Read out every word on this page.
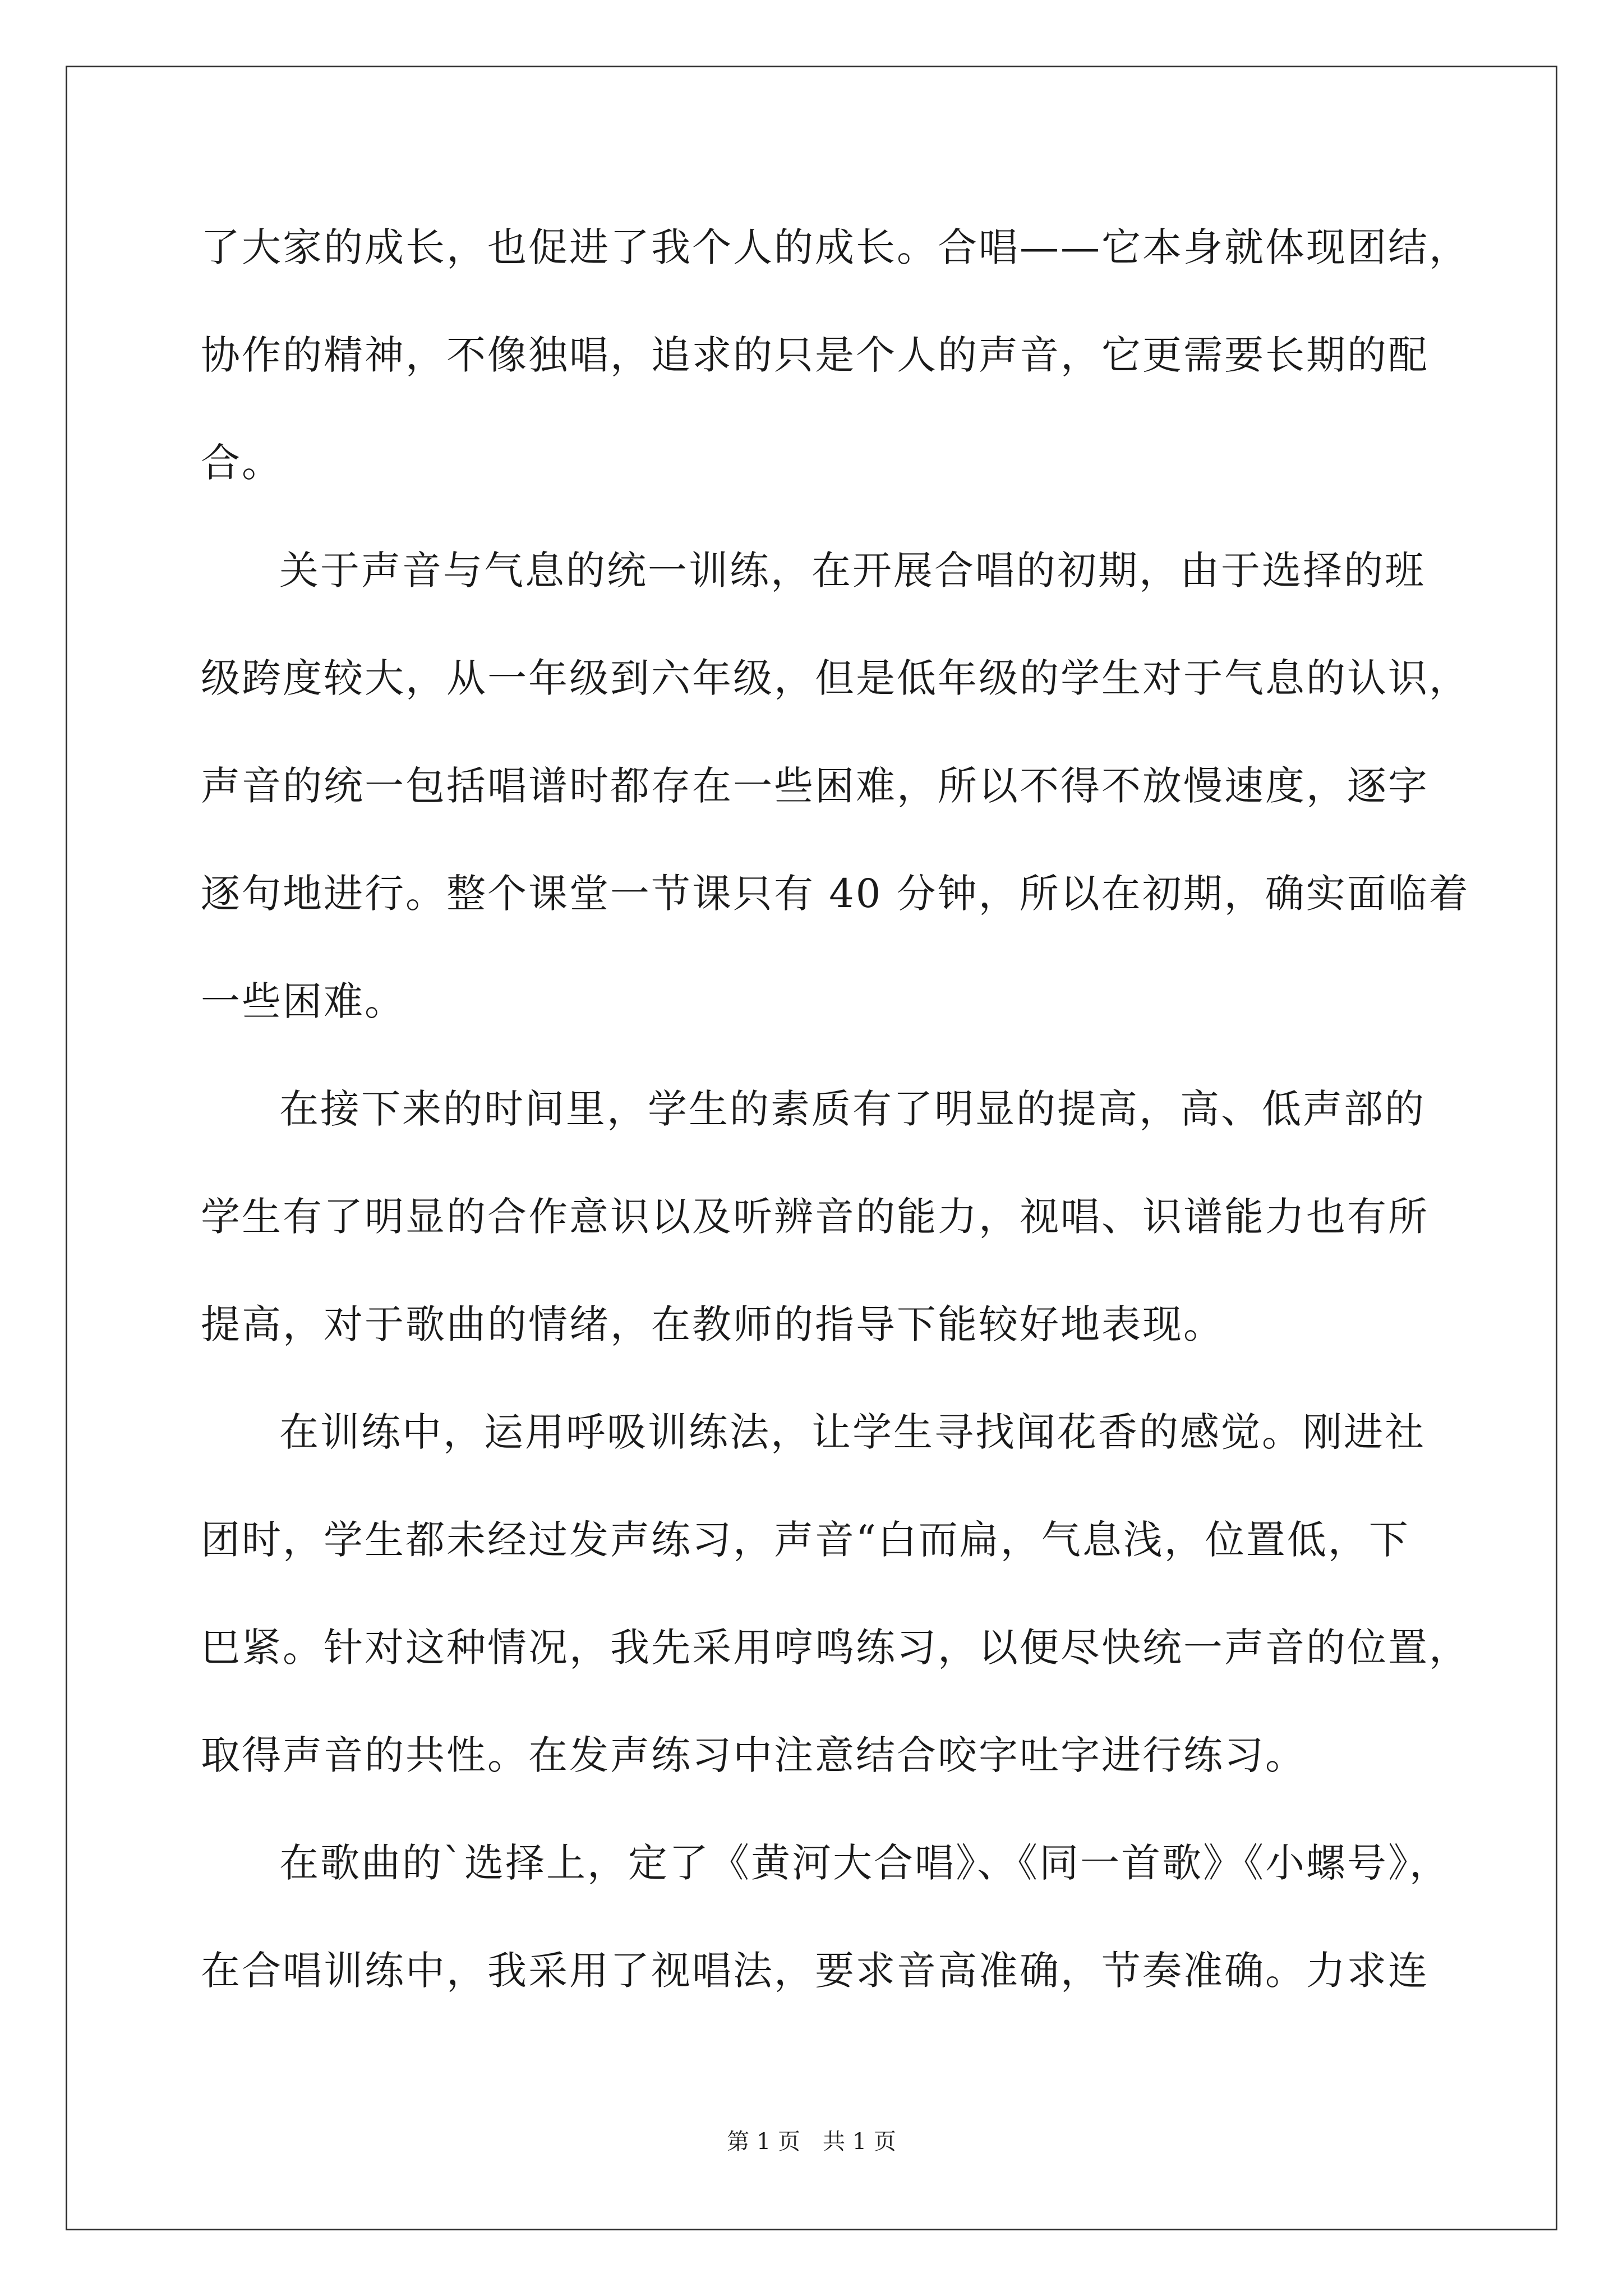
了大家的成长，也促进了我个人的成长。合唱——它本身就体现团结，
协作的精神，不像独唱，追求的只是个人的声音，它更需要长期的配
合。
关于声音与气息的统一训练，在开展合唱的初期，由于选择的班
级跨度较大，从一年级到六年级，但是低年级的学生对于气息的认识，
声音的统一包括唱谱时都存在一些困难，所以不得不放慢速度，逐字
逐句地进行。整个课堂一节课只有 40 分钟，所以在初期，确实面临着
一些困难。
在接下来的时间里，学生的素质有了明显的提高，高、低声部的
学生有了明显的合作意识以及听辨音的能力，视唱、识谱能力也有所
提高，对于歌曲的情绪，在教师的指导下能较好地表现。
在训练中，运用呼吸训练法，让学生寻找闻花香的感觉。刚进社
团时，学生都未经过发声练习，声音“白而扁，气息浅，位置低，下
巴紧。针对这种情况，我先采用哼鸣练习，以便尽快统一声音的位置，
取得声音的共性。在发声练习中注意结合咬字吐字进行练习。
在歌曲的`选择上，定了《黄河大合唱》、《同一首歌》《小螺号》，
在合唱训练中，我采用了视唱法，要求音高准确，节奏准确。力求连
第 1 页　共 1 页
